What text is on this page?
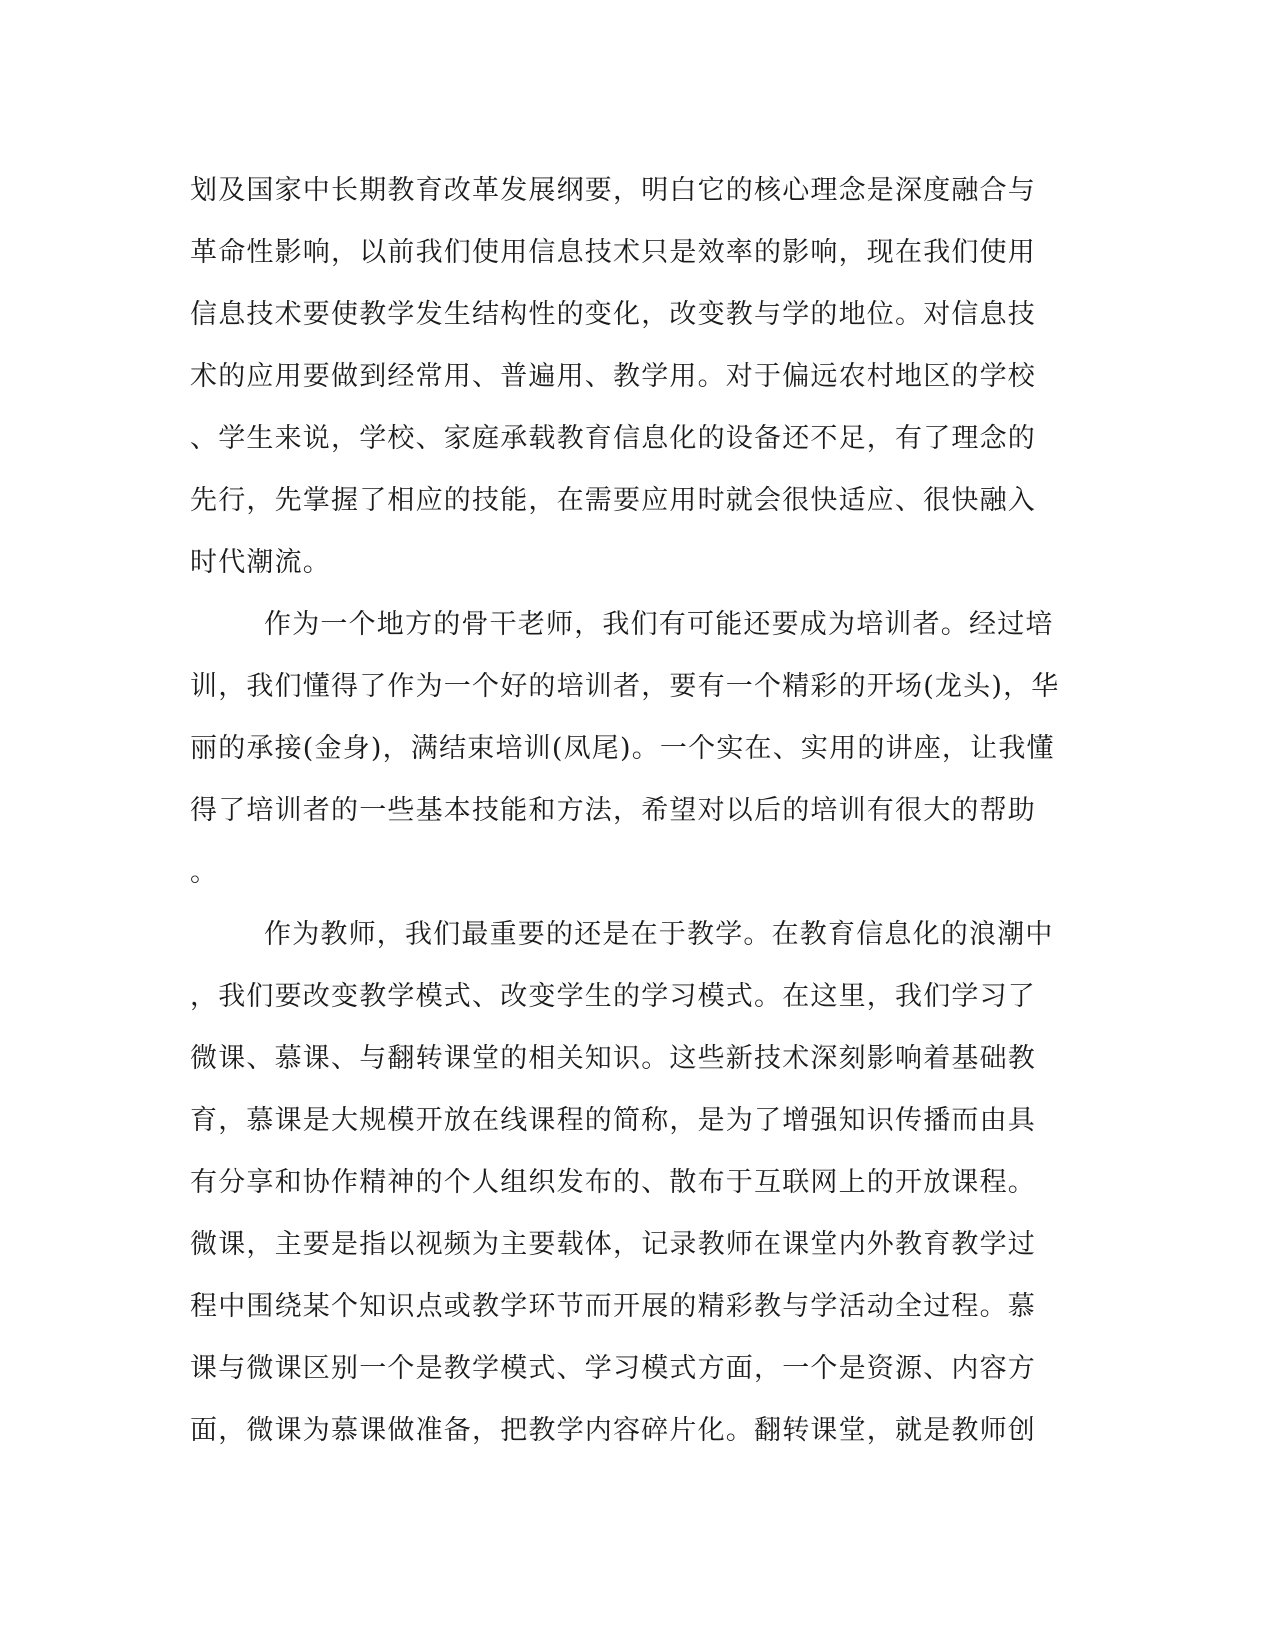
划及国家中长期教育改革发展纲要，明白它的核心理念是深度融合与
革命性影响，以前我们使用信息技术只是效率的影响，现在我们使用
信息技术要使教学发生结构性的变化，改变教与学的地位。对信息技
术的应用要做到经常用、普遍用、教学用。对于偏远农村地区的学校
、学生来说，学校、家庭承载教育信息化的设备还不足，有了理念的
先行，先掌握了相应的技能，在需要应用时就会很快适应、很快融入
时代潮流。
作为一个地方的骨干老师，我们有可能还要成为培训者。经过培
训，我们懂得了作为一个好的培训者，要有一个精彩的开场(龙头)，华
丽的承接(金身)，满结束培训(凤尾)。一个实在、实用的讲座，让我懂
得了培训者的一些基本技能和方法，希望对以后的培训有很大的帮助
。
作为教师，我们最重要的还是在于教学。在教育信息化的浪潮中
，我们要改变教学模式、改变学生的学习模式。在这里，我们学习了
微课、慕课、与翻转课堂的相关知识。这些新技术深刻影响着基础教
育，慕课是大规模开放在线课程的简称，是为了增强知识传播而由具
有分享和协作精神的个人组织发布的、散布于互联网上的开放课程。
微课，主要是指以视频为主要载体，记录教师在课堂内外教育教学过
程中围绕某个知识点或教学环节而开展的精彩教与学活动全过程。慕
课与微课区别一个是教学模式、学习模式方面，一个是资源、内容方
面，微课为慕课做准备，把教学内容碎片化。翻转课堂，就是教师创
